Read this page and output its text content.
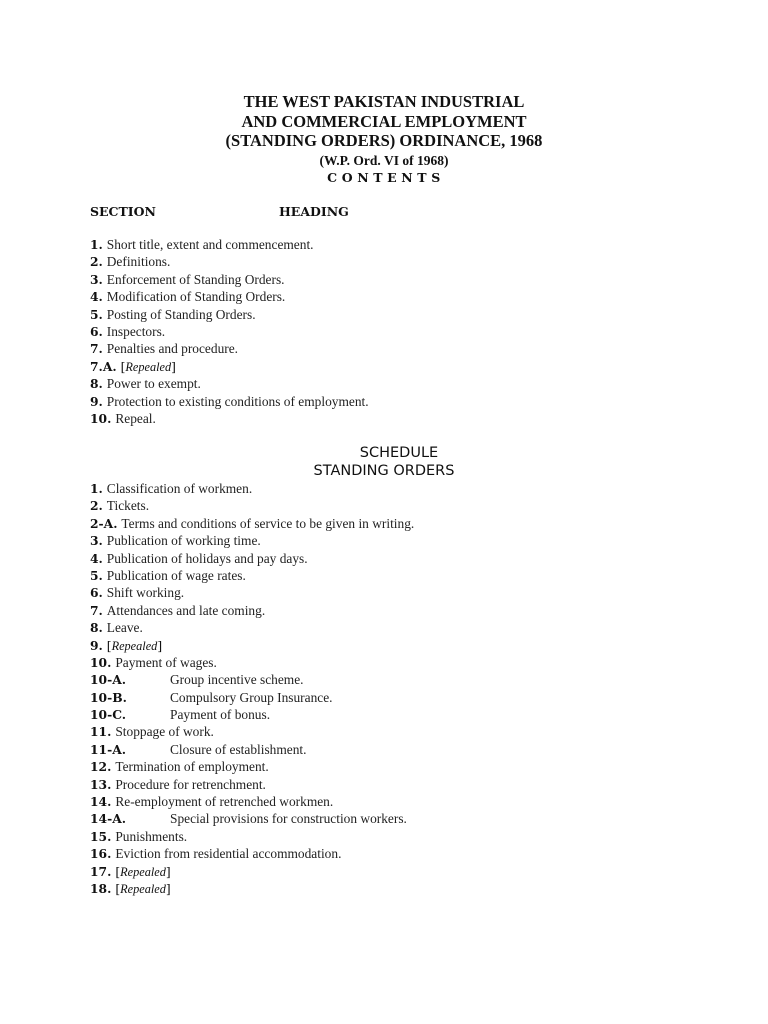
THE WEST PAKISTAN INDUSTRIAL
AND COMMERCIAL EMPLOYMENT
(STANDING ORDERS) ORDINANCE, 1968
(W.P. Ord. VI of 1968)
CONTENTS
SECTION	HEADING
1. Short title, extent and commencement.
2. Definitions.
3. Enforcement of Standing Orders.
4. Modification of Standing Orders.
5. Posting of Standing Orders.
6. Inspectors.
7. Penalties and procedure.
7.A. [Repealed]
8. Power to exempt.
9. Protection to existing conditions of employment.
10. Repeal.
SCHEDULE
STANDING ORDERS
1. Classification of workmen.
2. Tickets.
2-A. Terms and conditions of service to be given in writing.
3. Publication of working time.
4. Publication of holidays and pay days.
5. Publication of wage rates.
6. Shift working.
7. Attendances and late coming.
8. Leave.
9. [Repealed]
10. Payment of wages.
10-A.	Group incentive scheme.
10-B.	Compulsory Group Insurance.
10-C.	Payment of bonus.
11. Stoppage of work.
11-A.	Closure of establishment.
12. Termination of employment.
13. Procedure for retrenchment.
14. Re-employment of retrenched workmen.
14-A.	Special provisions for construction workers.
15. Punishments.
16. Eviction from residential accommodation.
17. [Repealed]
18. [Repealed]
